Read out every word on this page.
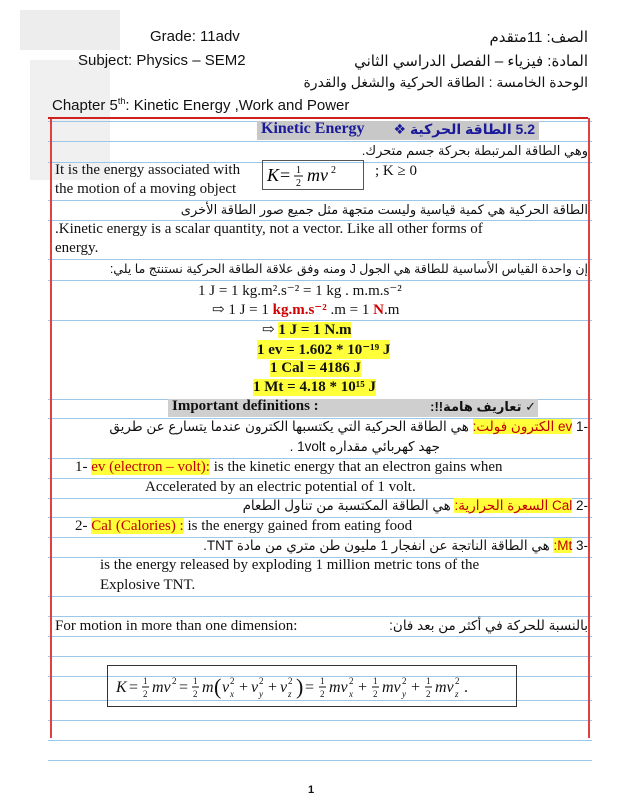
Grade: 11adv
Subject: Physics – SEM2
Chapter 5th: Kinetic Energy ,Work and Power
الصف: 11متقدم
المادة: فيزياء – الفصل الدراسي الثاني
الوحدة الخامسة : الطاقة الحركية والشغل والقدرة
Kinetic Energy 5.2 الطاقة الحركية ❖
وهي الطاقة المرتبطة بحركة جسم متحرك.
It is the energy associated with
the motion of a moving object
K = 1
2 mv 2	; K ≥ 0
الطاقة الحركية هي كمية قياسية وليست متجهة مثل جميع صور الطاقة الأخرى
.Kinetic energy is a scalar quantity, not a vector. Like all other forms of
energy.
إن واحدة القياس الأساسية للطاقة هي الجول J ومنه وفق علاقة الطاقة الحركية نستنتج ما يلي:
1 J = 1 kg.m².s⁻² = 1 kg . m.m.s⁻²
⇨ 1 J = 1 kg.m.s⁻² .m = 1 N.m
⇨ 1 J = 1 N.m
1 ev = 1.602 * 10⁻¹⁹ J
1 Cal = 4186 J
1 Mt = 4.18 * 10¹⁵ J
Important definitions :	✓ تعاريف هامة!!:
-1 ev الكترون فولت: هي الطاقة الحركية التي يكتسبها الكترون عندما يتسارع عن طريق
جهد كهربائي مقداره 1volt .
1- ev (electron – volt): is the kinetic energy that an electron gains when
Accelerated by an electric potential of 1 volt.
-2 Cal السعرة الحرارية: هي الطاقة المكتسبة من تناول الطعام
2- Cal (Calories) : is the energy gained from eating food
-3 Mt: هي الطاقة الناتجة عن انفجار 1 مليون طن متري من مادة TNT.
is the energy released by exploding 1 million metric tons of the
Explosive TNT.
For motion in more than one dimension:	بالنسبة للحركة في أكثر من بعد فان:
K = 1
2 mv 2 = 1
2 m ( v 2
x + v 2
y + v 2
z ) = 1
2 mv 2
x + 1
2 mv 2
y + 1
2 mv 2
z .
1
